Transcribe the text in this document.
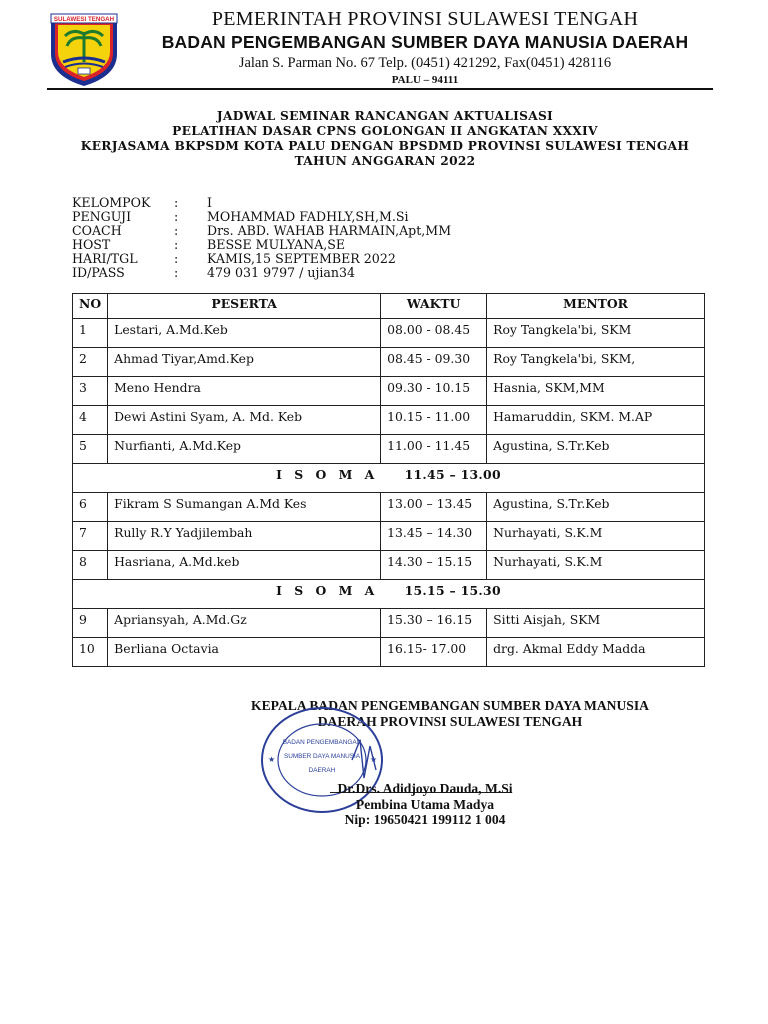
SULAWESI TENGAH	PEMERINTAH PROVINSI SULAWESI TENGAH
BADAN PENGEMBANGAN SUMBER DAYA MANUSIA DAERAH
Jalan S. Parman No. 67 Telp. (0451) 421292, Fax(0451) 428116
PALU – 94111
JADWAL SEMINAR RANCANGAN AKTUALISASI
PELATIHAN DASAR CPNS GOLONGAN II ANGKATAN XXXIV
KERJASAMA BKPSDM KOTA PALU DENGAN BPSDMD PROVINSI SULAWESI TENGAH
TAHUN ANGGARAN 2022
KELOMPOK	: I
PENGUJI	: MOHAMMAD FADHLY,SH,M.Si
COACH	: Drs. ABD. WAHAB HARMAIN,Apt,MM
HOST	: BESSE MULYANA,SE
HARI/TGL	: KAMIS,15 SEPTEMBER 2022
ID/PASS	: 479 031 9797 / ujian34
NO	PESERTA	WAKTU	MENTOR
1	Lestari, A.Md.Keb	08.00 - 08.45	Roy Tangkela'bi, SKM
2	Ahmad Tiyar,Amd.Kep	08.45 - 09.30	Roy Tangkela'bi, SKM,
3	Meno Hendra	09.30 - 10.15	Hasnia, SKM,MM
4	Dewi Astini Syam, A. Md. Keb	10.15 - 11.00	Hamaruddin, SKM. M.AP
5	Nurfianti, A.Md.Kep	11.00 - 11.45	Agustina, S.Tr.Keb
I S O M A 11.45 – 13.00			
6	Fikram S Sumangan A.Md Kes	13.00 – 13.45	Agustina, S.Tr.Keb
7	Rully R.Y Yadjilembah	13.45 – 14.30	Nurhayati, S.K.M
8	Hasriana, A.Md.keb	14.30 – 15.15	Nurhayati, S.K.M
I S O M A 15.15 – 15.30			
9	Apriansyah, A.Md.Gz	15.30 – 16.15	Sitti Aisjah, SKM
10	Berliana Octavia	16.15- 17.00	drg. Akmal Eddy Madda
KEPALA BADAN PENGEMBANGAN SUMBER DAYA MANUSIA
DAERAH PROVINSI SULAWESI TENGAH
BADAN PENGEMBANGAN
SUMBER DAYA MANUSIA
DAERAH
★	★
Dr.Drs. Adidjoyo Dauda, M.Si
Pembina Utama Madya
Nip: 19650421 199112 1 004
